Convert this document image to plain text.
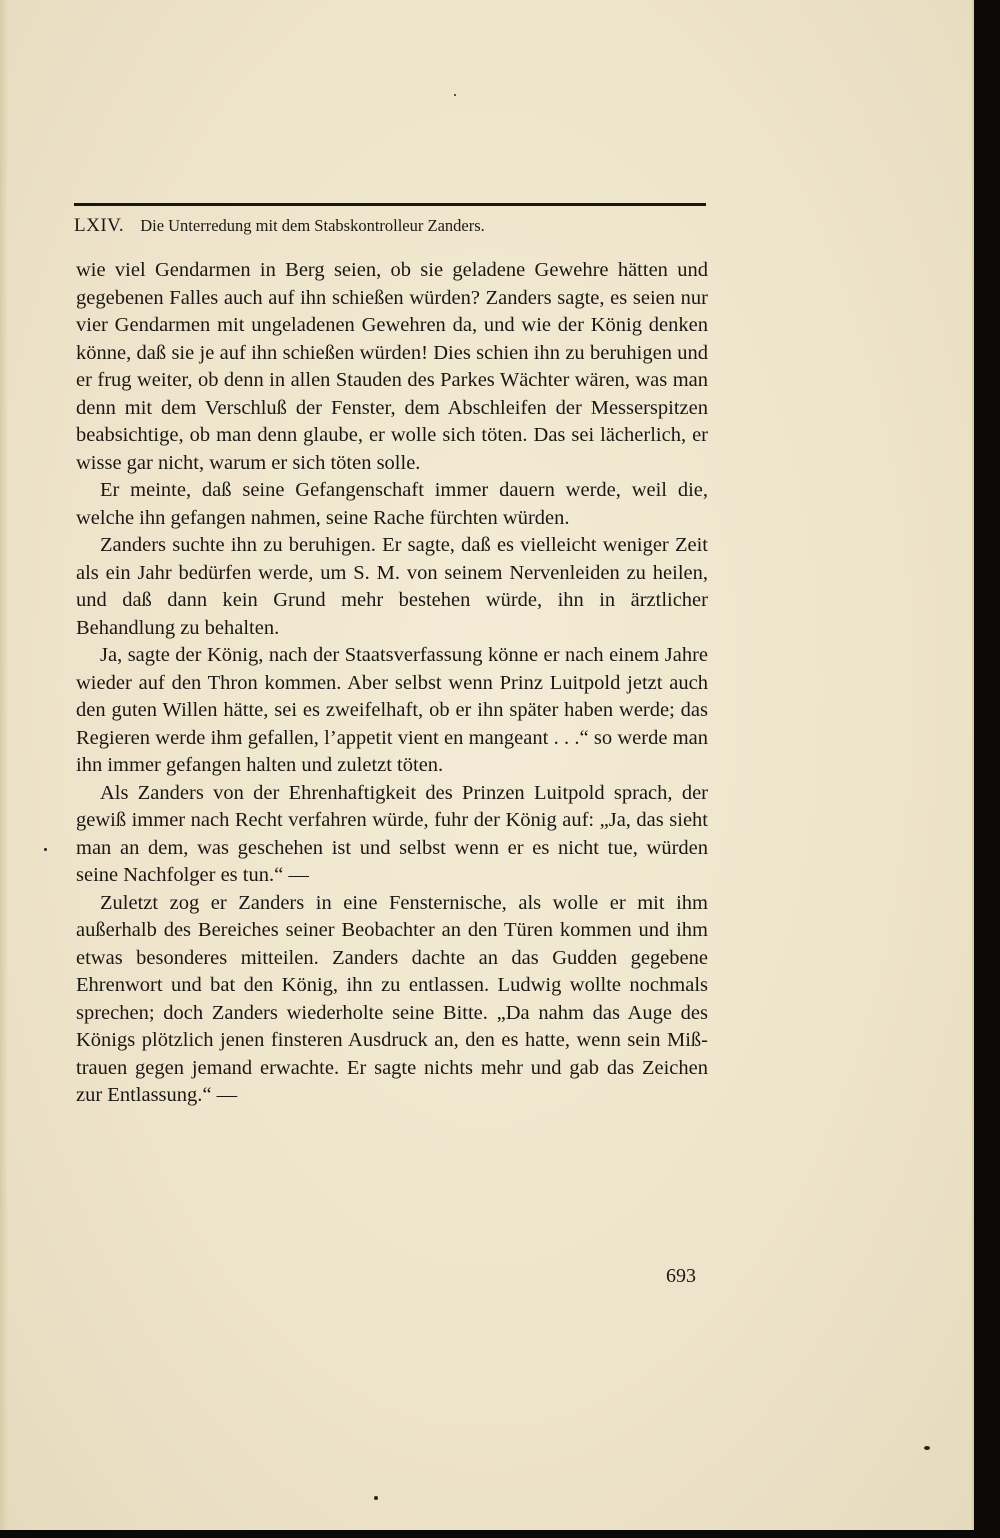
LXIV. Die Unterredung mit dem Stabskontrolleur Zanders.

wie viel Gendarmen in Berg seien, ob sie geladene Gewehre hätten und gegebenen Falles auch auf ihn schießen würden? Zanders sagte, es seien nur vier Gendarmen mit ungeladenen Gewehren da, und wie der König denken könne, daß sie je auf ihn schießen würden! Dies schien ihn zu beruhigen und er frug weiter, ob denn in allen Stauden des Parkes Wächter wären, was man denn mit dem Verschluß der Fenster, dem Abschleifen der Messerspitzen beabsichtige, ob man denn glaube, er wolle sich töten. Das sei lächerlich, er wisse gar nicht, warum er sich töten solle.

Er meinte, daß seine Gefangenschaft immer dauern werde, weil die, welche ihn gefangen nahmen, seine Rache fürchten würden.

Zanders suchte ihn zu beruhigen. Er sagte, daß es vielleicht weniger Zeit als ein Jahr bedürfen werde, um S. M. von seinem Nervenleiden zu heilen, und daß dann kein Grund mehr bestehen würde, ihn in ärztlicher Behandlung zu behalten.

Ja, sagte der König, nach der Staatsverfassung könne er nach einem Jahre wieder auf den Thron kommen. Aber selbst wenn Prinz Luitpold jetzt auch den guten Willen hätte, sei es zweifelhaft, ob er ihn später haben werde; das Regieren werde ihm gefallen, l’appetit vient en mangeant . . .“ so werde man ihn immer gefangen halten und zuletzt töten.

Als Zanders von der Ehrenhaftigkeit des Prinzen Luitpold sprach, der gewiß immer nach Recht verfahren würde, fuhr der König auf: „Ja, das sieht man an dem, was geschehen ist und selbst wenn er es nicht tue, würden seine Nachfolger es tun.“ —

Zuletzt zog er Zanders in eine Fensternische, als wolle er mit ihm außerhalb des Bereiches seiner Beobachter an den Türen kommen und ihm etwas besonderes mitteilen. Zanders dachte an das Gudden gegebene Ehrenwort und bat den König, ihn zu entlassen. Ludwig wollte nochmals sprechen; doch Zanders wiederholte seine Bitte. „Da nahm das Auge des Königs plötzlich jenen finsteren Ausdruck an, den es hatte, wenn sein Mißtrauen gegen jemand erwachte. Er sagte nichts mehr und gab das Zeichen zur Entlassung.“ —

693
